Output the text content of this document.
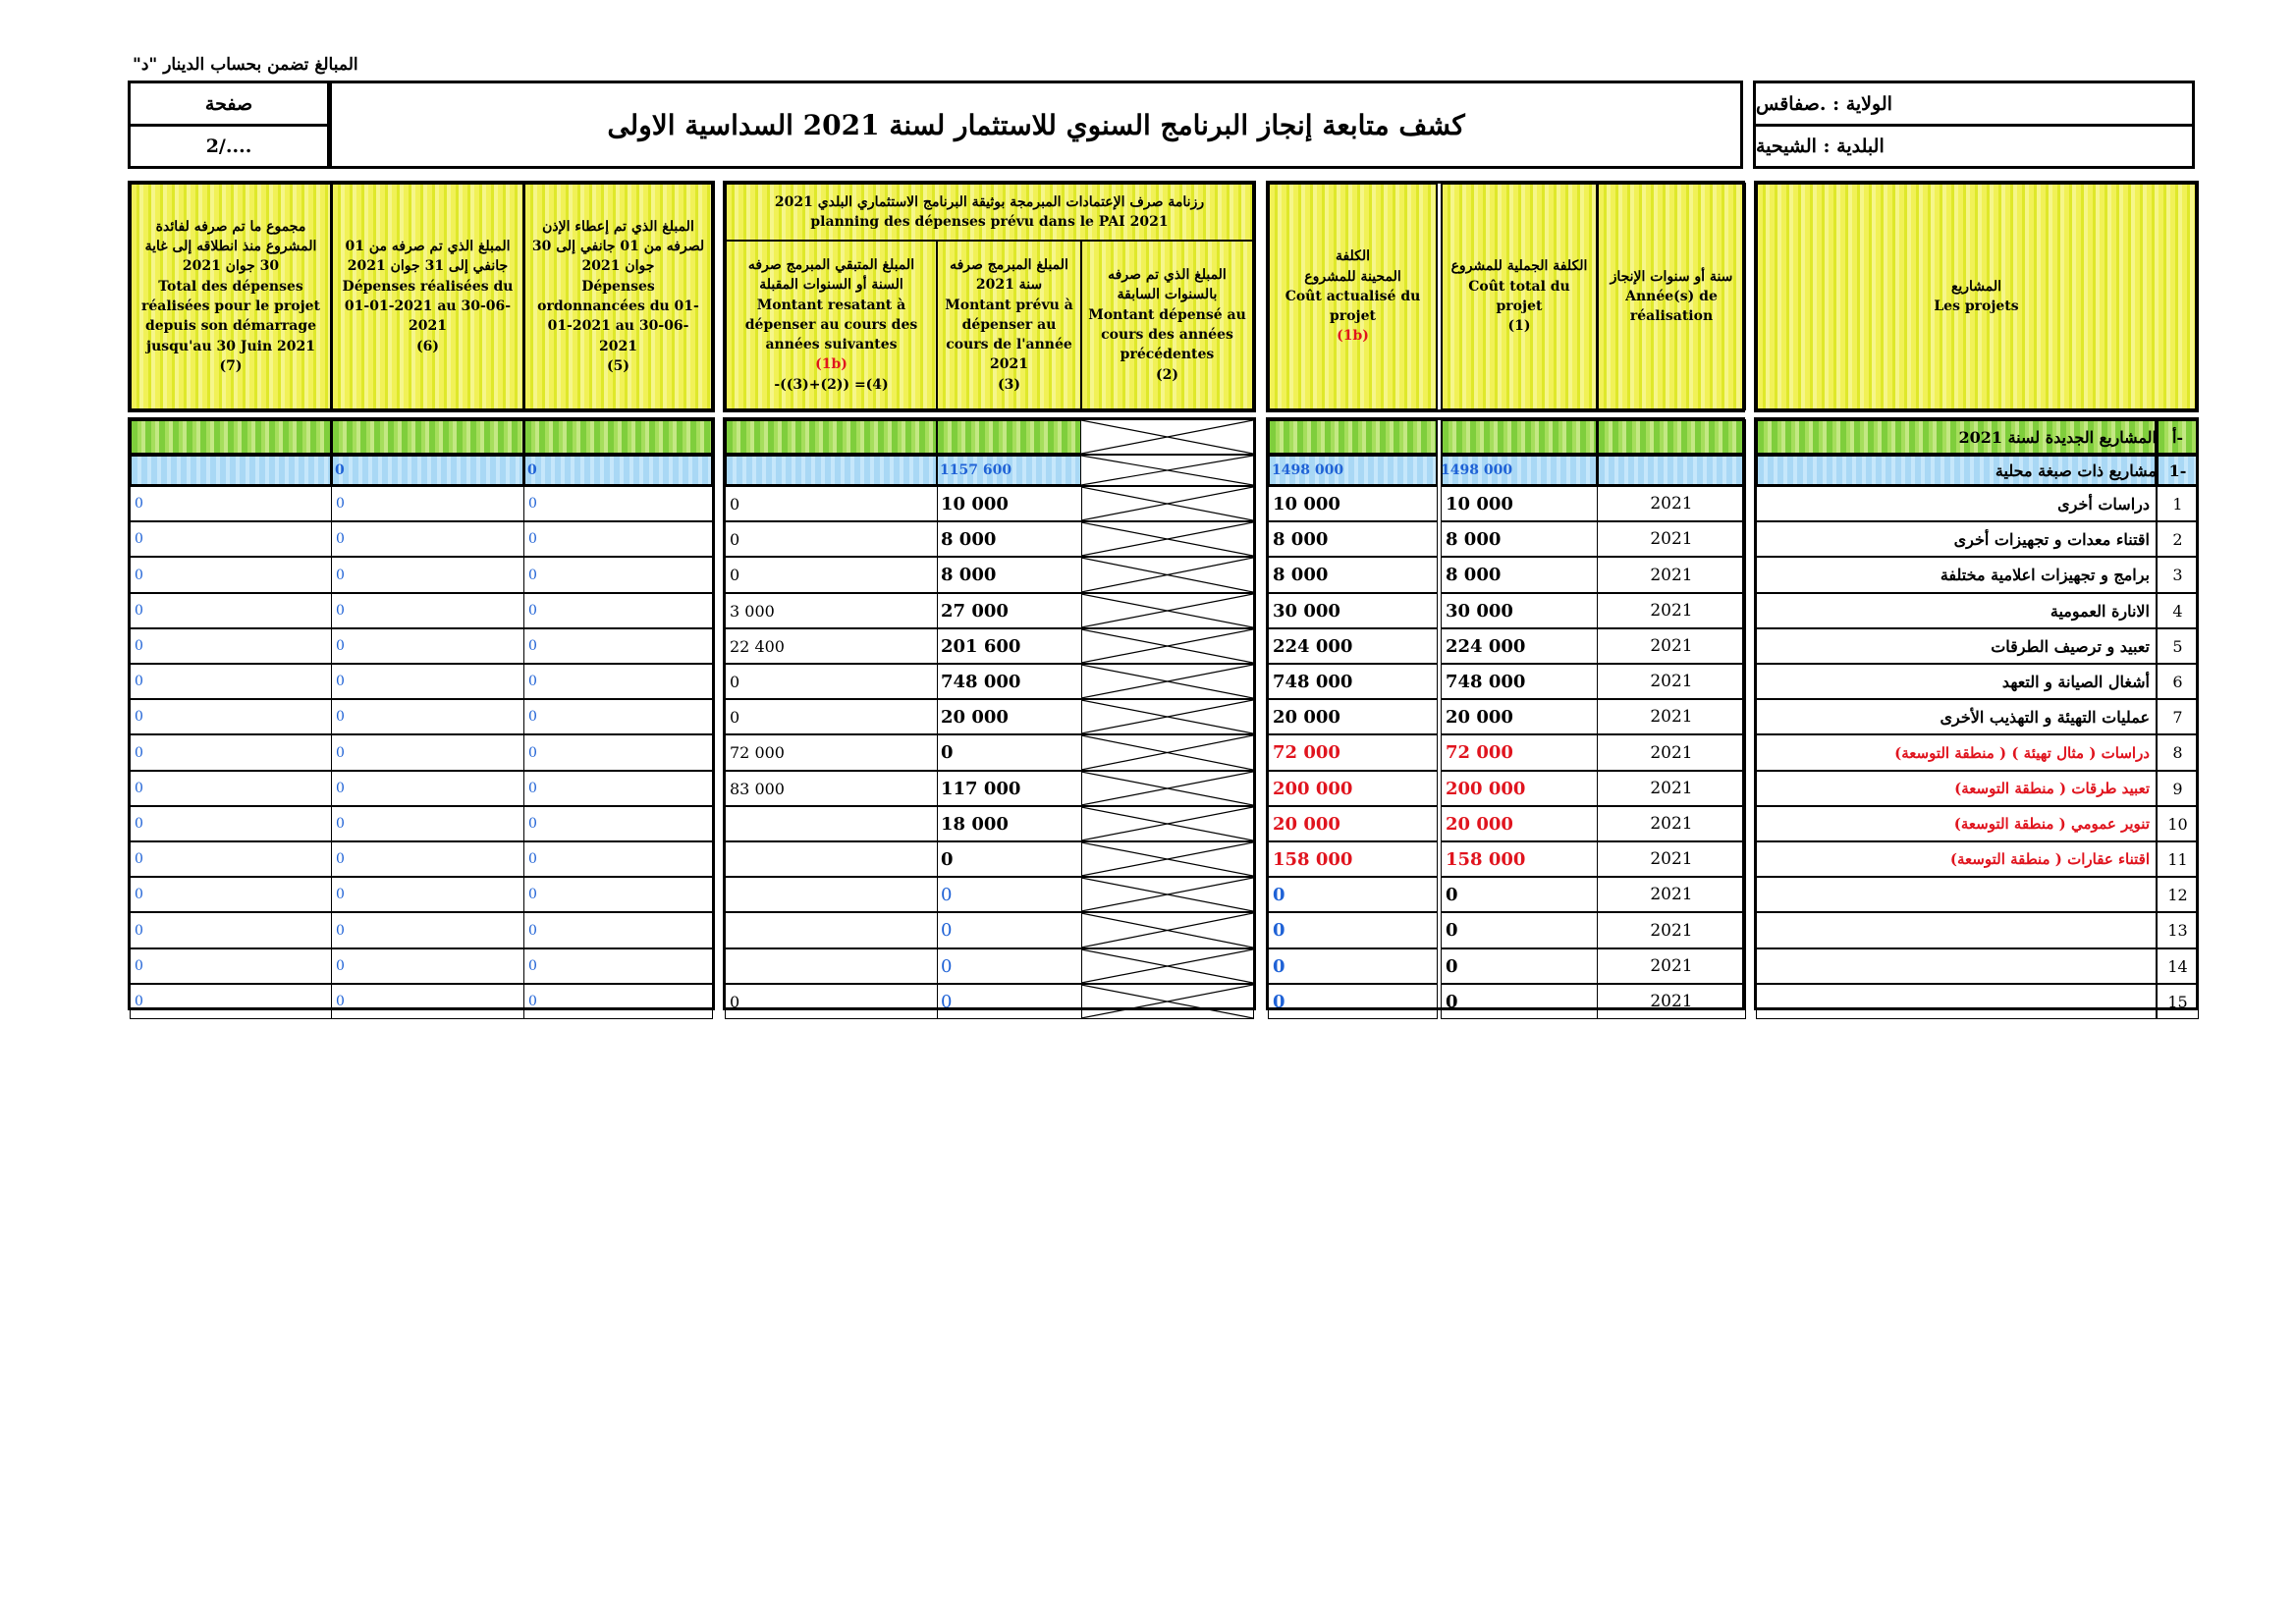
المبالغ تضمن بحساب الدينار "د"
صفحة
2/....
كشف متابعة إنجاز البرنامج السنوي للاستثمار لسنة 2021 السداسية الاولى
الولاية : .صفاقس
البلدية : الشيحية
المشاريع
Les projets
سنة أو سنوات الإنجاز
Année(s) de réalisation
الكلفة الجملية للمشروع
Coût total du projet
(1)
الكلفة
المحينة للمشروع
Coût actualisé du projet
(1b)
رزنامة صرف الإعتمادات المبرمجة بوثيقة البرنامج الاستثماري البلدي 2021
planning des dépenses prévu dans le PAI 2021
المبلغ الذي تم صرفه بالسنوات السابقة
Montant dépensé au cours des années précédentes
(2)
المبلغ المبرمج صرفه سنة 2021
Montant prévu à dépenser au cours de l'année 2021
(3)
المبلغ المتبقي المبرمج صرفه السنة أو السنوات المقبلة
Montant resatant à dépenser au cours des années suivantes
(1b)
-((3)+(2)) =(4)
المبلغ الذي تم إعطاء الإذن لصرفه من 01 جانفي إلى 30 جوان 2021
Dépenses ordonnancées du 01-01-2021 au 30-06-2021
(5)
المبلغ الذي تم صرفه من 01 جانفي إلى 31 جوان 2021
Dépenses réalisées du 01-01-2021 au 30-06-2021
(6)
مجموع ما تم صرفه لفائدة المشروع منذ انطلاقه إلى غاية 30 جوان 2021
Total des dépenses réalisées pour le projet depuis son démarrage jusqu'au 30 Juin 2021
(7)
المشاريع الجديدة لسنة 2021 أ-
1-
مشاريع ذات صبغة محلية
1498 000
1498 000
1157 600
0
0
1
دراسات أخرى
2021
10 000
10 000
10 000
0
0
0
0
2
اقتناء معدات و تجهيزات أخرى
2021
8 000
8 000
8 000
0
0
0
0
3
برامج و تجهيزات اعلامية مختلفة
2021
8 000
8 000
8 000
0
0
0
0
4
الانارة العمومية
2021
30 000
30 000
27 000
3 000
0
0
0
5
تعبيد و ترصيف الطرقات
2021
224 000
224 000
201 600
22 400
0
0
0
6
أشغال الصيانة و التعهد
2021
748 000
748 000
748 000
0
0
0
0
7
عمليات التهيئة و التهذيب الأخرى
2021
20 000
20 000
20 000
0
0
0
0
8
دراسات ( مثال تهيئة ) ( منطقة التوسعة)
2021
72 000
72 000
0
72 000
0
0
0
9
تعبيد طرقات ( منطقة التوسعة)
2021
200 000
200 000
117 000
83 000
0
0
0
10
تنوير عمومي ( منطقة التوسعة)
2021
20 000
20 000
18 000
0
0
0
11
اقتناء عقارات ( منطقة التوسعة)
2021
158 000
158 000
0
0
0
0
12
2021
0
0
0
0
0
0
13
2021
0
0
0
0
0
0
14
2021
0
0
0
0
0
0
15
2021
0
0
0
0
0
0
0
